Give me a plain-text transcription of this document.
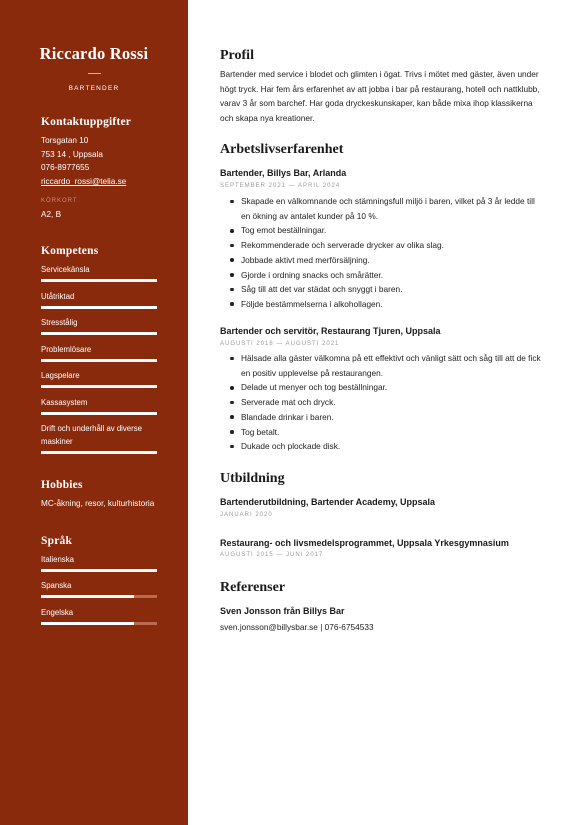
Riccardo Rossi
BARTENDER
Kontaktuppgifter
Torsgatan 10
753 14 , Uppsala
076-8977655
riccardo_rossi@telia.se
KÖRKORT
A2, B
Kompetens
Servicekänsla
Utåtriktad
Stresstålig
Problemlösare
Lagspelare
Kassasystem
Drift och underhåll av diverse maskiner
Hobbies
MC-åkning, resor, kulturhistoria
Språk
Italienska
Spanska
Engelska
Profil
Bartender med service i blodet och glimten i ögat. Trivs i mötet med gäster, även under högt tryck. Har fem års erfarenhet av att jobba i bar på restaurang, hotell och nattklubb, varav 3 år som barchef. Har goda dryckeskunskaper, kan både mixa ihop klassikerna och skapa nya kreationer.
Arbetslivserfarenhet
Bartender, Billys Bar, Arlanda
SEPTEMBER 2021 — APRIL 2024
Skapade en välkomnande och stämningsfull miljö i baren, vilket på 3 år ledde till en ökning av antalet kunder på 10 %.
Tog emot beställningar.
Rekommenderade och serverade drycker av olika slag.
Jobbade aktivt med merförsäljning.
Gjorde i ordning snacks och smårätter.
Såg till att det var städat och snyggt i baren.
Följde bestämmelserna i alkohollagen.
Bartender och servitör, Restaurang Tjuren, Uppsala
AUGUSTI 2018 — AUGUSTI 2021
Hälsade alla gäster välkomna på ett effektivt och vänligt sätt och såg till att de fick en positiv upplevelse på restaurangen.
Delade ut menyer och tog beställningar.
Serverade mat och dryck.
Blandade drinkar i baren.
Tog betalt.
Dukade och plockade disk.
Utbildning
Bartenderutbildning, Bartender Academy, Uppsala
JANUARI 2020
Restaurang- och livsmedelsprogrammet, Uppsala Yrkesgymnasium
AUGUSTI 2015 — JUNI 2017
Referenser
Sven Jonsson från Billys Bar
sven.jonsson@billysbar.se | 076-6754533
